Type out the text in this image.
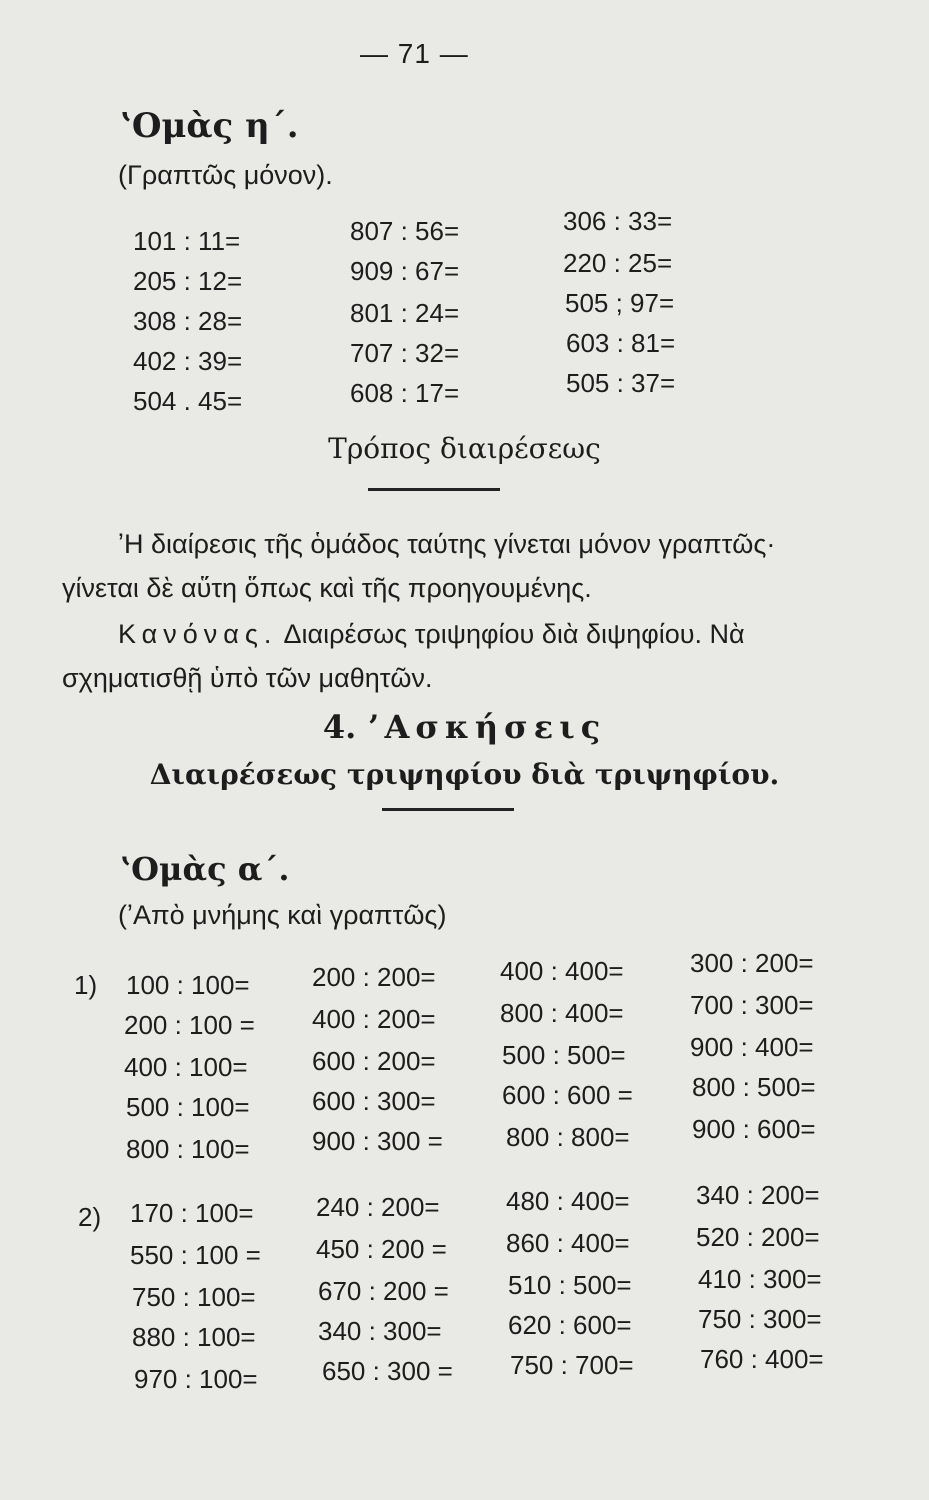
— 71 —
ʽΟμὰς η΄.
(Γραπτῶς μόνον).
101 : 11=
205 : 12=
308 : 28=
402 : 39=
504 . 45=
807 : 56=
909 : 67=
801 : 24=
707 : 32=
608 : 17=
306 : 33=
220 : 25=
505 ; 97=
603 : 81=
505 : 37=
Τρόπος διαιρέσεως
ʼΗ διαίρεσις τῆς ὁμάδος ταύτης γίνεται μόνον γραπτῶς· γίνεται δὲ αὕτη ὅπως καὶ τῆς προηγουμένης.
Κανόνας. Διαιρέσως τριψηφίου διὰ διψηφίου. Νὰ σχηματισθῇ ὑπὸ τῶν μαθητῶν.
4. ʼΑσκήσεις
Διαιρέσεως τριψηφίου διὰ τριψηφίου.
ʽΟμὰς α΄.
(ʼΑπὸ μνήμης καὶ γραπτῶς)
1) 100 : 100=
200 : 100 =
400 : 100=
500 : 100=
800 : 100=
200 : 200=
400 : 200=
600 : 200=
600 : 300=
900 : 300 =
400 : 400=
800 : 400=
500 : 500=
600 : 600 =
800 : 800=
300 : 200=
700 : 300=
900 : 400=
800 : 500=
900 : 600=
2) 170 : 100=
550 : 100 =
750 : 100=
880 : 100=
970 : 100=
240 : 200=
450 : 200 =
670 : 200 =
340 : 300=
650 : 300 =
480 : 400=
860 : 400=
510 : 500=
620 : 600=
750 : 700=
340 : 200=
520 : 200=
410 : 300=
750 : 300=
760 : 400=
